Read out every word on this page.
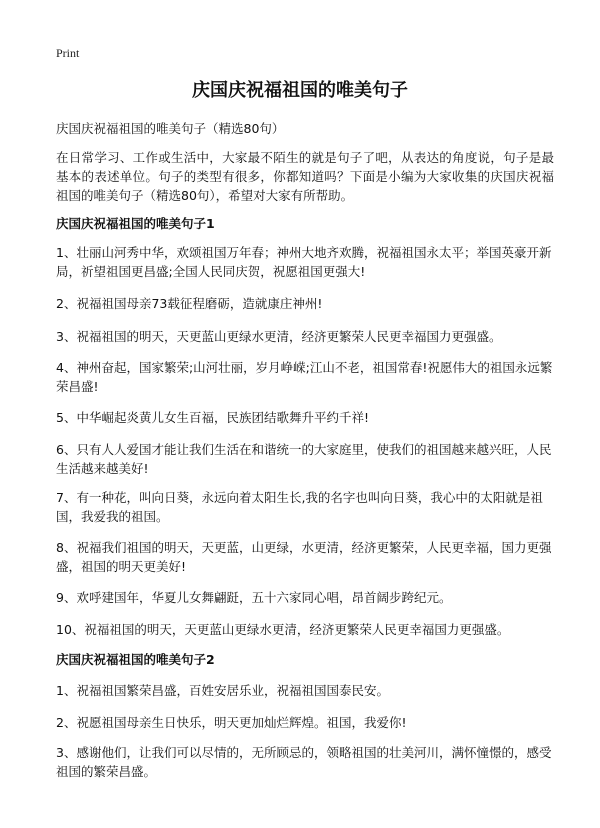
Print
庆国庆祝福祖国的唯美句子
庆国庆祝福祖国的唯美句子（精选80句）
在日常学习、工作或生活中，大家最不陌生的就是句子了吧，从表达的角度说，句子是最基本的表述单位。句子的类型有很多，你都知道吗？下面是小编为大家收集的庆国庆祝福祖国的唯美句子（精选80句），希望对大家有所帮助。
庆国庆祝福祖国的唯美句子1
1、壮丽山河秀中华，欢颂祖国万年春；神州大地齐欢腾，祝福祖国永太平；举国英豪开新局，祈望祖国更昌盛;全国人民同庆贺，祝愿祖国更强大!
2、祝福祖国母亲73载征程磨砺，造就康庄神州!
3、祝福祖国的明天，天更蓝山更绿水更清，经济更繁荣人民更幸福国力更强盛。
4、神州奋起，国家繁荣;山河壮丽，岁月峥嵘;江山不老，祖国常春!祝愿伟大的祖国永远繁荣昌盛!
5、中华崛起炎黄儿女生百福，民族团结歌舞升平约千祥!
6、只有人人爱国才能让我们生活在和谐统一的大家庭里，使我们的祖国越来越兴旺，人民生活越来越美好!
7、有一种花，叫向日葵，永远向着太阳生长,我的名字也叫向日葵，我心中的太阳就是祖国，我爱我的祖国。
8、祝福我们祖国的明天，天更蓝，山更绿，水更清，经济更繁荣，人民更幸福，国力更强盛，祖国的明天更美好!
9、欢呼建国年，华夏儿女舞翩跹，五十六家同心唱，昂首阔步跨纪元。
10、祝福祖国的明天，天更蓝山更绿水更清，经济更繁荣人民更幸福国力更强盛。
庆国庆祝福祖国的唯美句子2
1、祝福祖国繁荣昌盛，百姓安居乐业，祝福祖国国泰民安。
2、祝愿祖国母亲生日快乐，明天更加灿烂辉煌。祖国，我爱你!
3、感谢他们，让我们可以尽情的，无所顾忌的，领略祖国的壮美河川，满怀憧憬的，感受祖国的繁荣昌盛。
